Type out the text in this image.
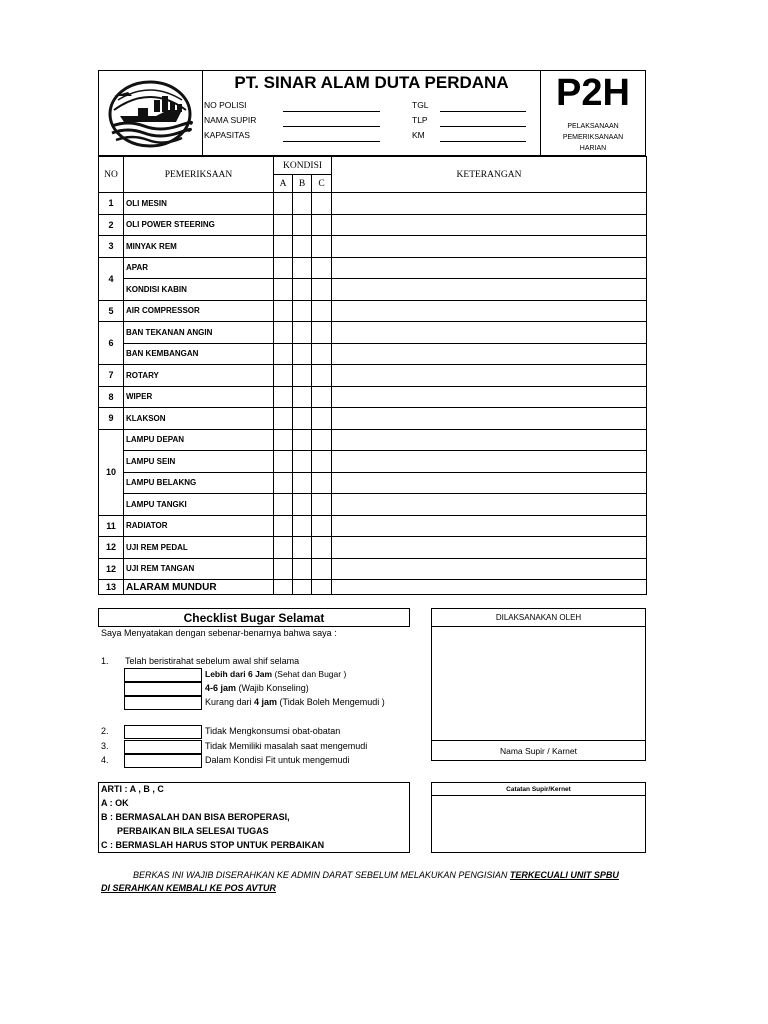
PT. SINAR ALAM DUTA PERDANA
NO POLISI
NAMA SUPIR
KAPASITAS
TGL
TLP
KM
P2H
PELAKSANAAN
PEMERIKSANAAN
HARIAN
NO	PEMERIKSAAN	KONDISI			KETERANGAN
		A	B	C	
1	OLI MESIN				
2	OLI POWER STEERING				
3	MINYAK REM				
4	APAR				
	KONDISI KABIN				
5	AIR COMPRESSOR				
6	BAN TEKANAN ANGIN				
	BAN KEMBANGAN				
7	ROTARY				
8	WIPER				
9	KLAKSON				
10	LAMPU DEPAN				
	LAMPU SEIN				
	LAMPU BELAKNG				
	LAMPU TANGKI				
11	RADIATOR				
12	UJI REM PEDAL				
12	UJI REM TANGAN				
13	ALARAM MUNDUR				
Checklist Bugar Selamat
Saya Menyatakan dengan sebenar-benarnya bahwa saya :
1. Telah beristirahat sebelum awal shif selama
Lebih dari 6 Jam (Sehat dan Bugar )
4-6 jam (Wajib Konseling)
Kurang dari 4 jam (Tidak Boleh Mengemudi )
2.	Tidak Mengkonsumsi obat-obatan
3.	Tidak Memiliki masalah saat mengemudi
4.	Dalam Kondisi Fit untuk mengemudi
DILAKSANAKAN OLEH
Nama Supir / Karnet
Catatan Supir/Kernet
ARTI : A , B , C
A : OK
B : BERMASALAH DAN BISA BEROPERASI,
PERBAIKAN BILA SELESAI TUGAS
C : BERMASLAH HARUS STOP UNTUK PERBAIKAN
BERKAS INI WAJIB DISERAHKAN KE ADMIN DARAT SEBELUM MELAKUKAN PENGISIAN TERKECUALI UNIT SPBU
DI SERAHKAN KEMBALI KE POS AVTUR
